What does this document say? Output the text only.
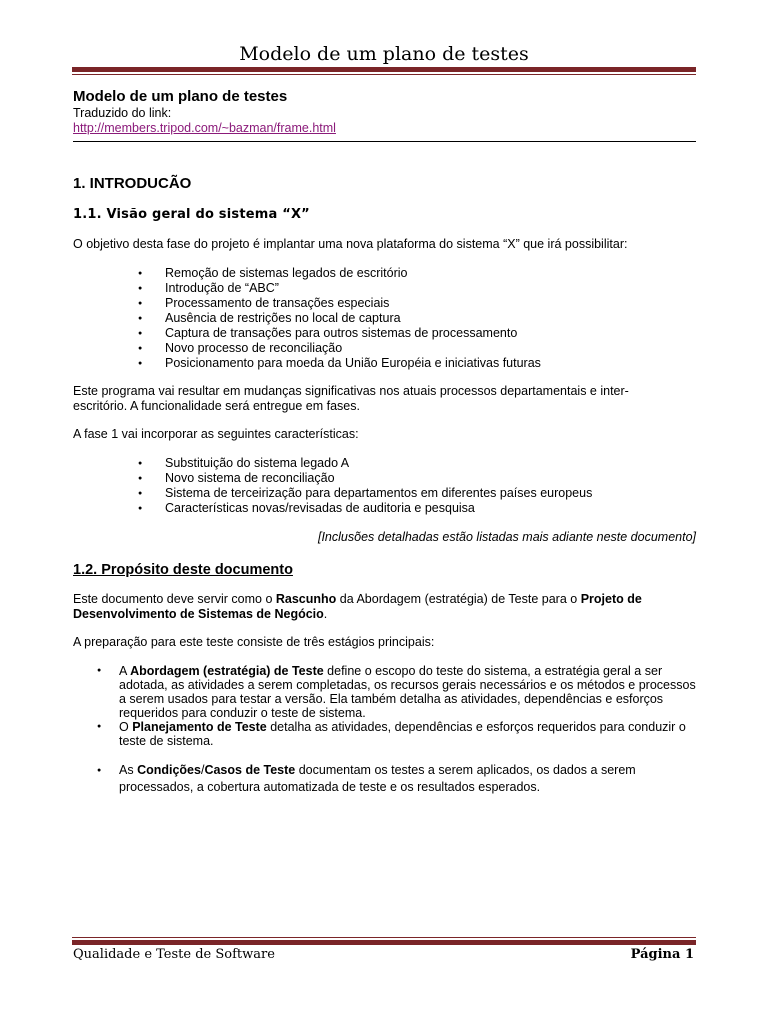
Modelo de um plano de testes

Modelo de um plano de testes

Traduzido do link:

http://members.tripod.com/~bazman/frame.html

1. INTRODUCÃO
1.1. Visão geral do sistema “X”

O objetivo desta fase do projeto é implantar uma nova plataforma do sistema “X” que irá possibilitar:

● Remoção de sistemas legados de escritório
● Introdução de “ABC”
● Processamento de transações especiais
● Ausência de restrições no local de captura
● Captura de transações para outros sistemas de processamento
● Novo processo de reconciliação
● Posicionamento para moeda da União Européia e iniciativas futuras

Este programa vai resultar em mudanças significativas nos atuais processos departamentais e inter-
escritório. A funcionalidade será entregue em fases.

A fase 1 vai incorporar as seguintes características:

● Substituição do sistema legado A
● Novo sistema de reconciliação
● Sistema de terceirização para departamentos em diferentes países europeus
● Características novas/revisadas de auditoria e pesquisa

[Inclusões detalhadas estão listadas mais adiante neste documento]

1.2. Propósito deste documento

Este documento deve servir como o Rascunho da Abordagem (estratégia) de Teste para o Projeto de Desenvolvimento de Sistemas de Negócio.

A preparação para este teste consiste de três estágios principais:

● A Abordagem (estratégia) de Teste define o escopo do teste do sistema, a estratégia geral a ser adotada, as atividades a serem completadas, os recursos gerais necessários e os métodos e processos a serem usados para testar a versão. Ela também detalha as atividades, dependências e esforços requeridos para conduzir o teste de sistema.
● O Planejamento de Teste detalha as atividades, dependências e esforços requeridos para conduzir o teste de sistema.
● As Condições/Casos de Teste documentam os testes a serem aplicados, os dados a serem processados, a cobertura automatizada de teste e os resultados esperados.
Qualidade e Teste de Software	Página 1
